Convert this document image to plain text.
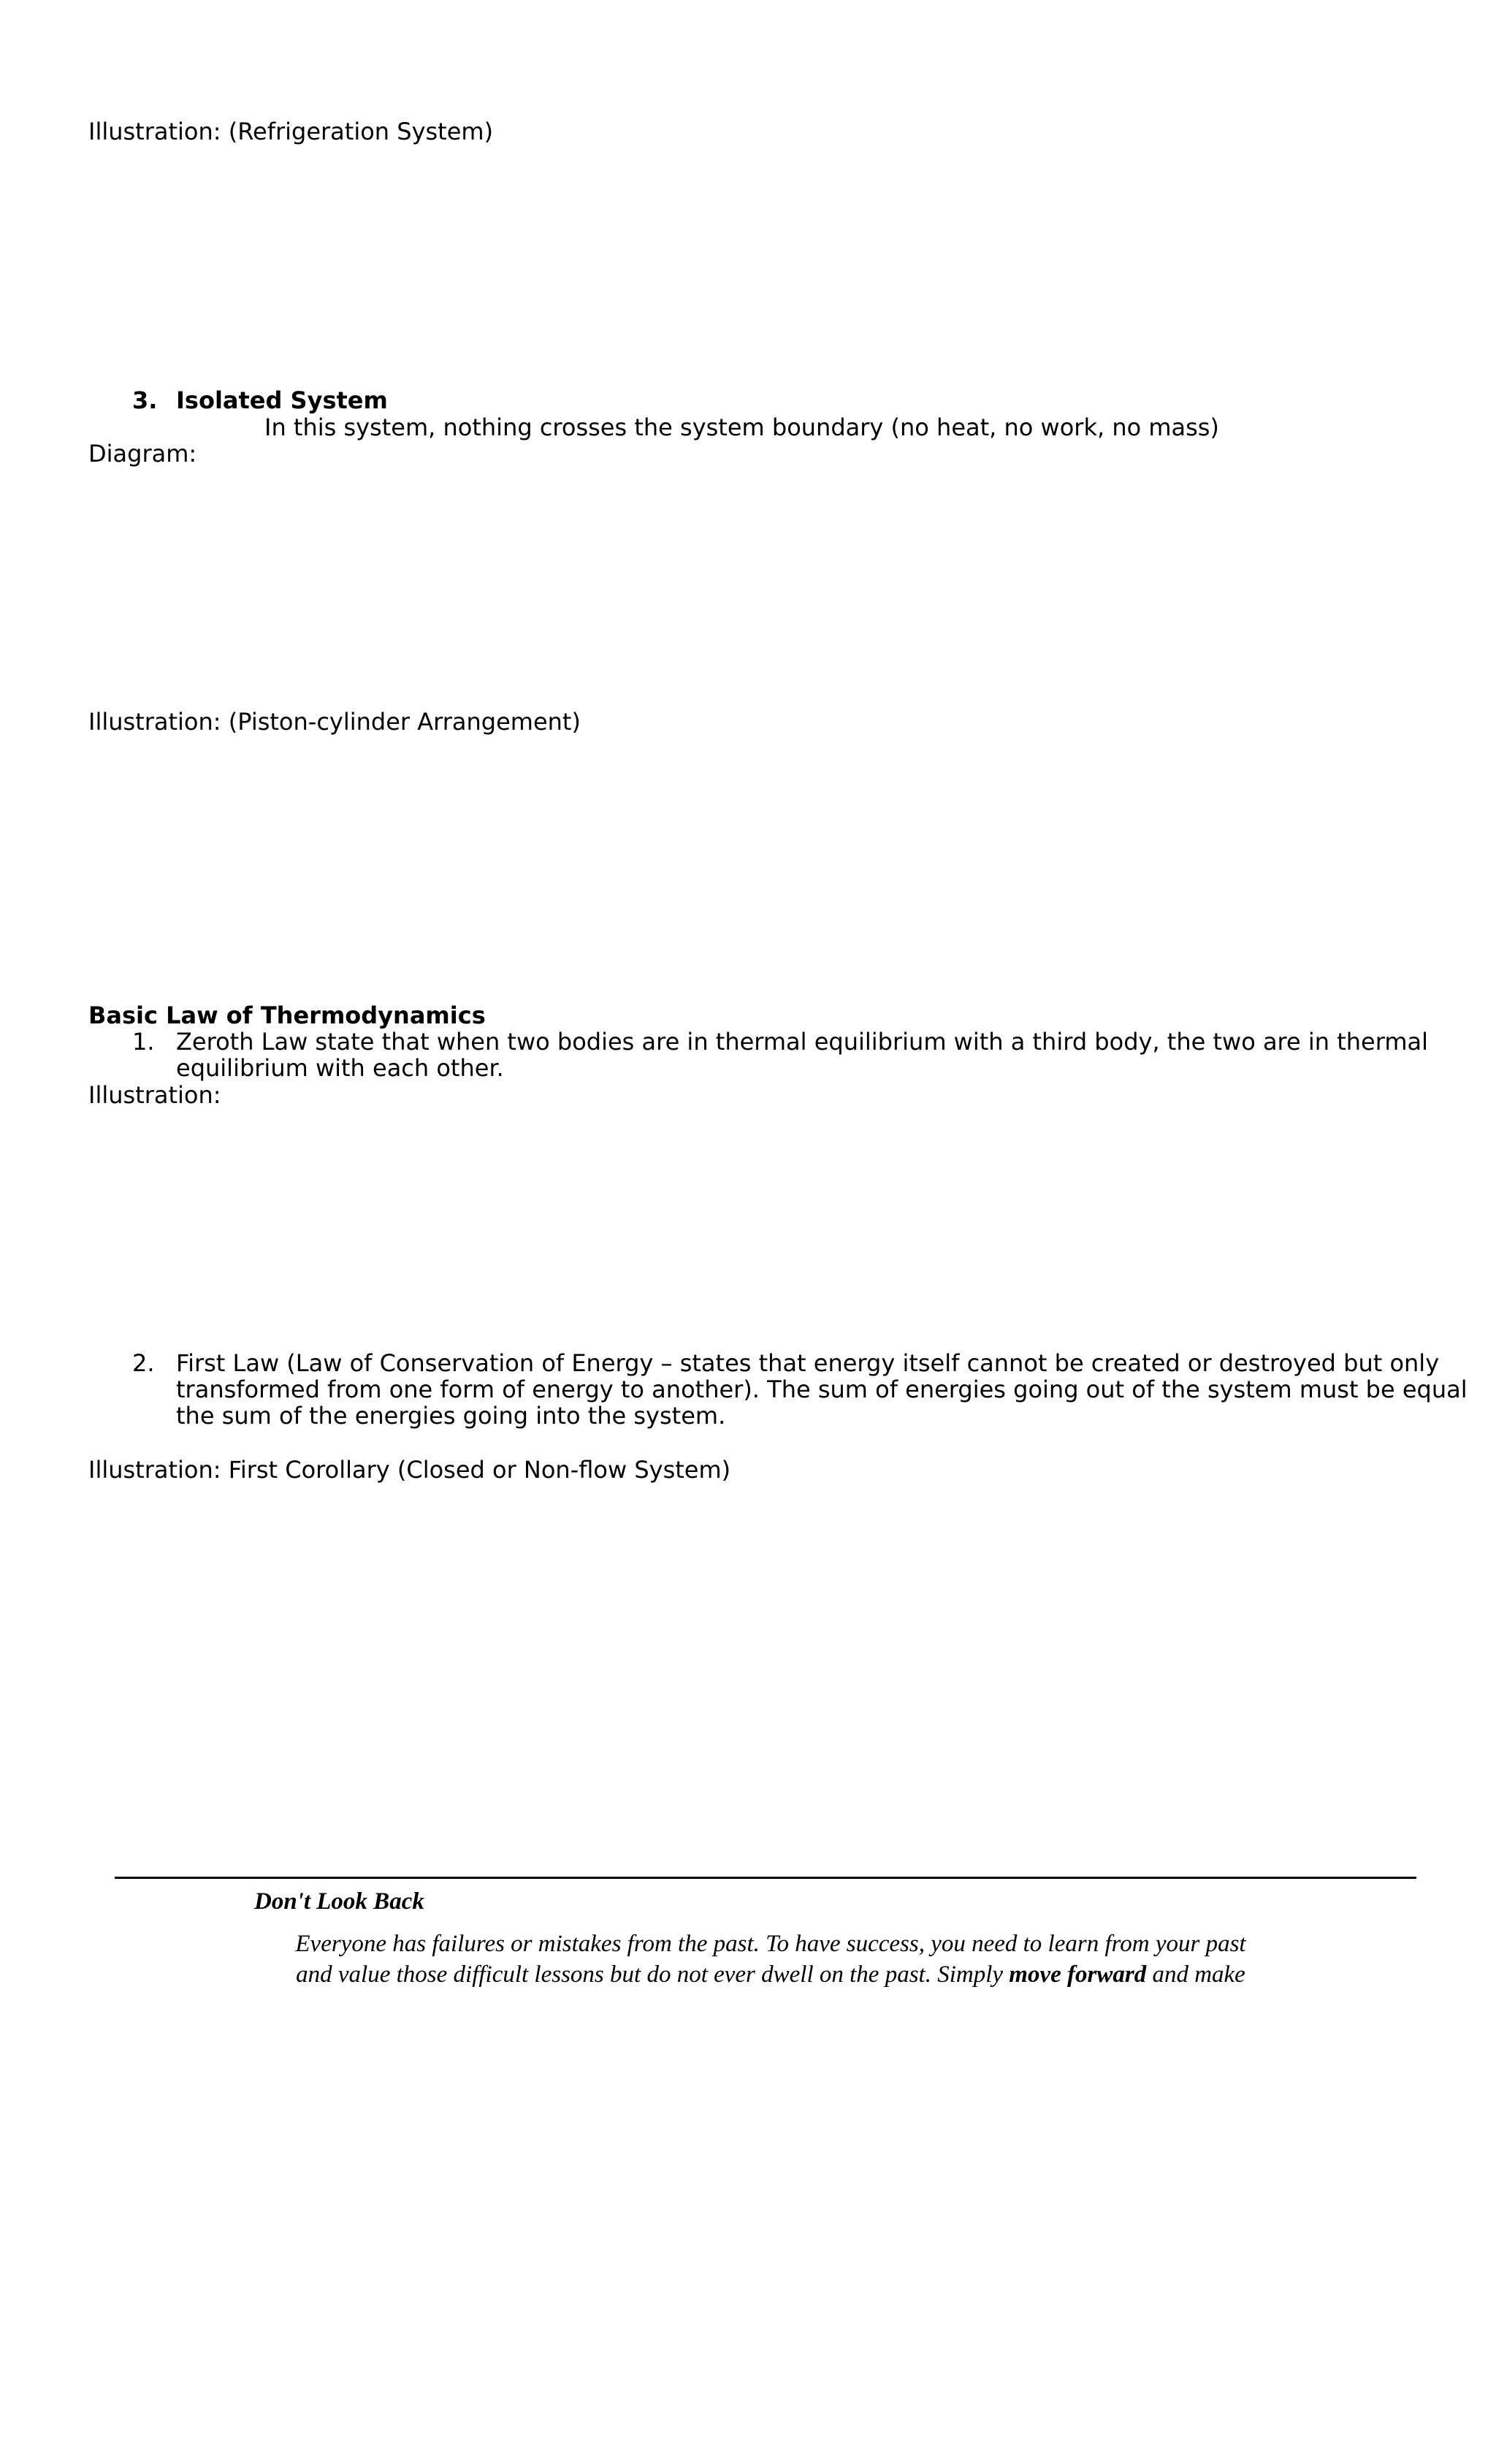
Illustration: (Refrigeration System)
3. Isolated System
In this system, nothing crosses the system boundary (no heat, no work, no mass)
Diagram:
Illustration: (Piston-cylinder Arrangement)
Basic Law of Thermodynamics
1. Zeroth Law state that when two bodies are in thermal equilibrium with a third body, the two are in thermal
equilibrium with each other.
Illustration:
2. First Law (Law of Conservation of Energy – states that energy itself cannot be created or destroyed but only
transformed from one form of energy to another). The sum of energies going out of the system must be equal
the sum of the energies going into the system.
Illustration: First Corollary (Closed or Non-flow System)
Don't Look Back
Everyone has failures or mistakes from the past. To have success, you need to learn from your past
and value those difficult lessons but do not ever dwell on the past. Simply move forward and make
